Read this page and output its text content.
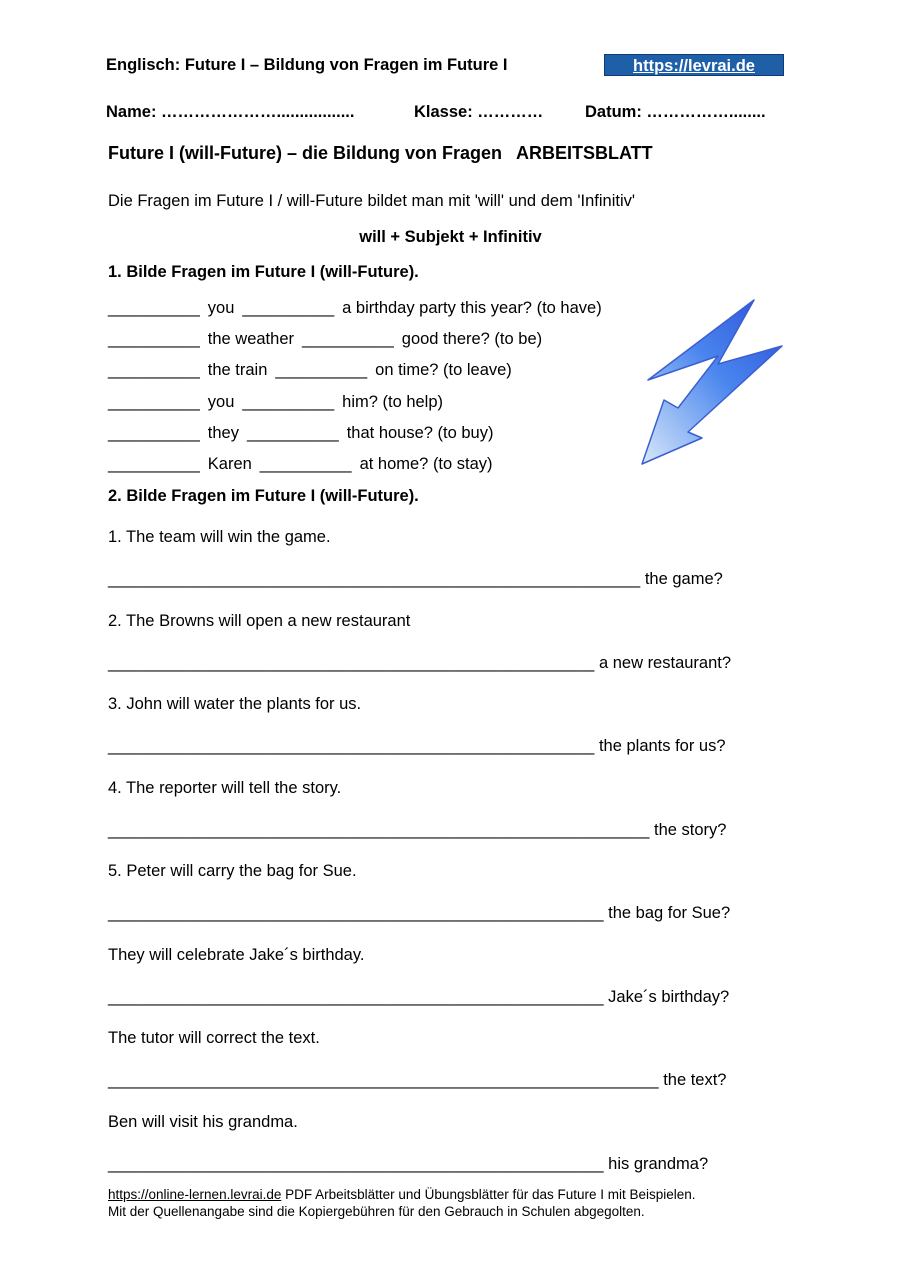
Englisch: Future I – Bildung von Fragen im Future I	https://levrai.de
Name: ………………….................	Klasse: …………	Datum: ……………........
Future I (will-Future) – die Bildung von Fragen ARBEITSBLATT
Die Fragen im Future I / will-Future bildet man mit 'will' und dem 'Infinitiv'
will + Subjekt + Infinitiv
1. Bilde Fragen im Future I (will-Future).
__________ you __________ a birthday party this year? (to have)
__________ the weather __________ good there? (to be)
__________ the train __________ on time? (to leave)
__________ you __________ him? (to help)
__________ they __________ that house? (to buy)
__________ Karen __________ at home? (to stay)
2. Bilde Fragen im Future I (will-Future).
1. The team will win the game.
__________________________________________________________ the game?
2. The Browns will open a new restaurant
_____________________________________________________ a new restaurant?
3. John will water the plants for us.
_____________________________________________________ the plants for us?
4. The reporter will tell the story.
___________________________________________________________ the story?
5. Peter will carry the bag for Sue.
______________________________________________________ the bag for Sue?
They will celebrate Jake´s birthday.
______________________________________________________ Jake´s birthday?
The tutor will correct the text.
____________________________________________________________ the text?
Ben will visit his grandma.
______________________________________________________ his grandma?
https://online-lernen.levrai.de PDF Arbeitsblätter und Übungsblätter für das Future I mit Beispielen.
Mit der Quellenangabe sind die Kopiergebühren für den Gebrauch in Schulen abgegolten.
